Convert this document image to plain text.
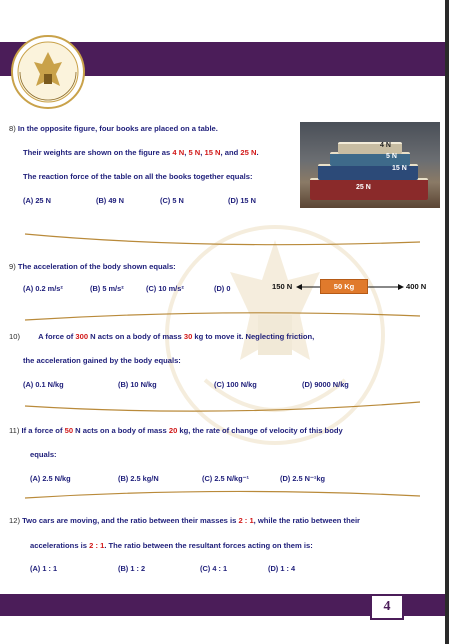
8) In the opposite figure, four books are placed on a table.
Their weights are shown on the figure as 4 N, 5 N, 15 N, and 25 N.
The reaction force of the table on all the books together equals:
(A) 25 N	(B) 49 N	(C) 5 N	(D) 15 N
4 N
5 N
15 N
25 N
9) The acceleration of the body shown equals:
(A) 0.2 m/s²	(B) 5 m/s²	(C) 10 m/s²	(D) 0	150 N	50 Kg	400 N
10) A force of 300 N acts on a body of mass 30 kg to move it. Neglecting friction,
the acceleration gained by the body equals:
(A) 0.1 N/kg	(B) 10 N/kg	(C) 100 N/kg	(D) 9000 N/kg
11) If a force of 50 N acts on a body of mass 20 kg, the rate of change of velocity of this body
equals:
(A) 2.5 N/kg	(B) 2.5 kg/N	(C) 2.5 N/kg⁻¹	(D) 2.5 N⁻¹kg
12) Two cars are moving, and the ratio between their masses is 2 : 1, while the ratio between their
accelerations is 2 : 1. The ratio between the resultant forces acting on them is:
(A) 1 : 1	(B) 1 : 2	(C) 4 : 1	(D) 1 : 4
4
